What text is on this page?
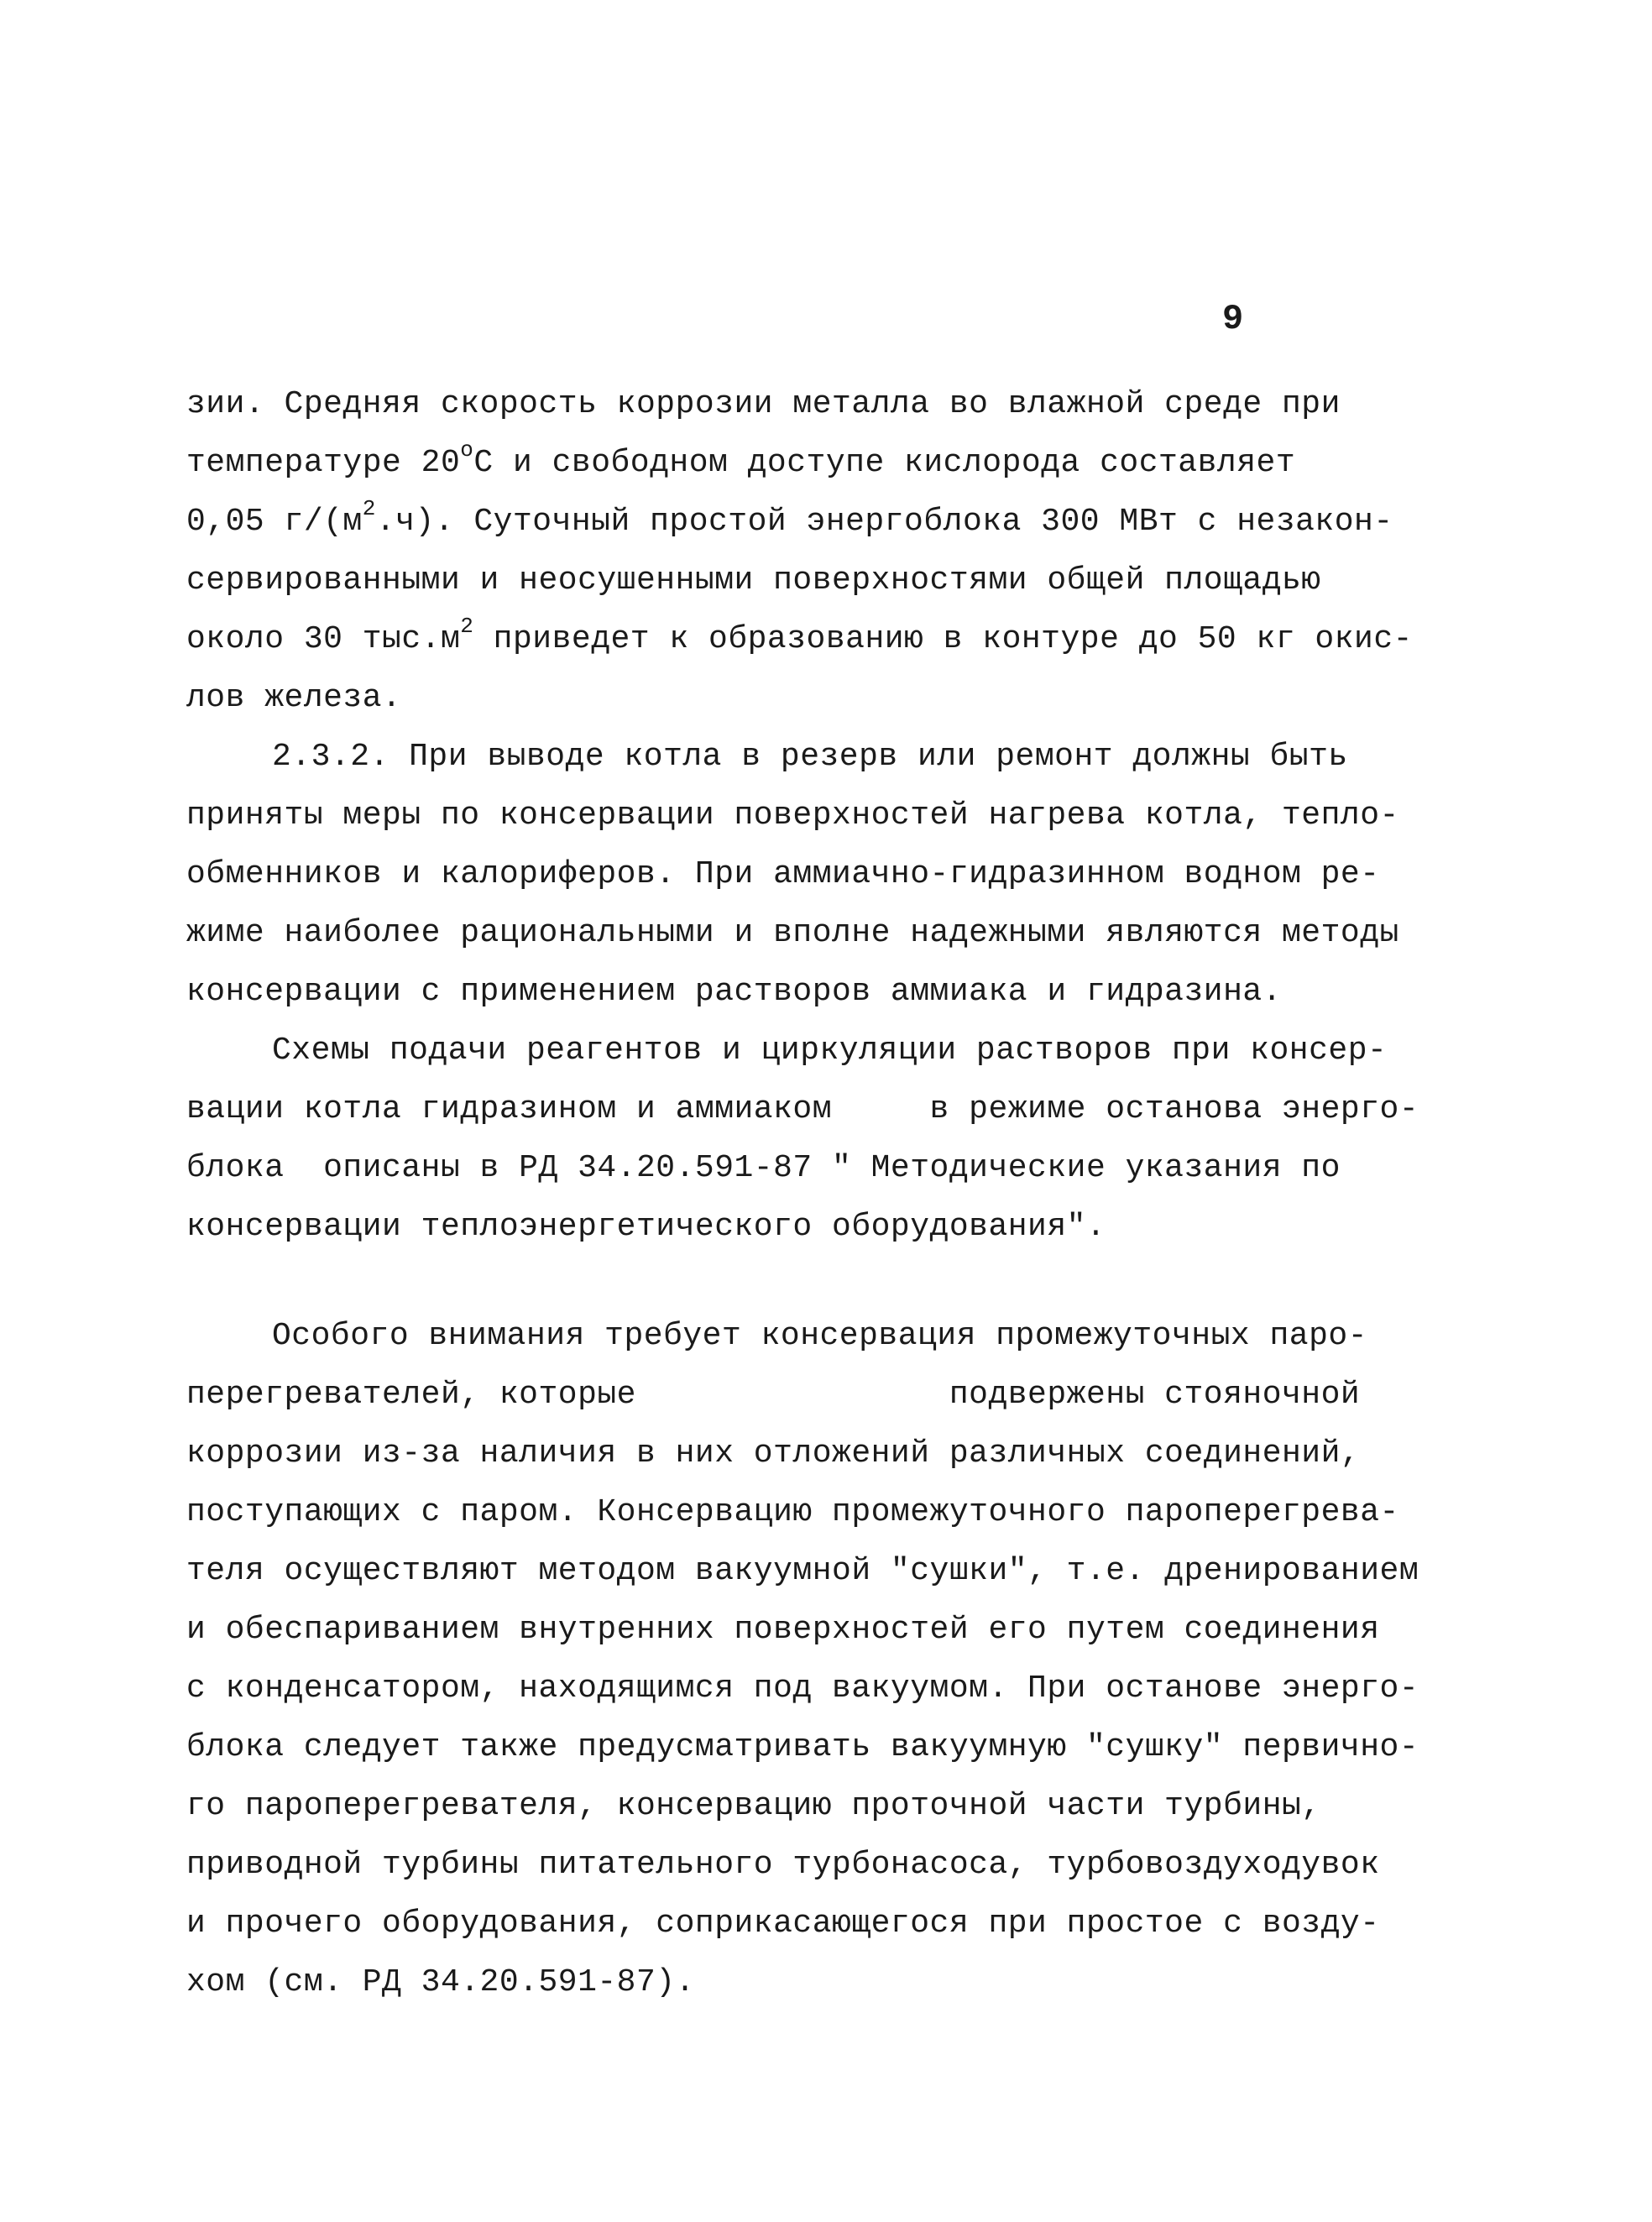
9
зии. Средняя скорость коррозии металла во влажной среде при
температуре $20^оС$ и свободном доступе кислорода составляет
0,05 $г/(м^2.ч)$. Суточный простой энергоблока 300 МВт с незакон-
сервированными и неосушенными поверхностями общей площадью
около 30 $тыс.м^2$ приведет к образованию в контуре до 50 кг окис-
лов железа.
2.3.2. При выводе котла в резерв или ремонт должны быть
приняты меры по консервации поверхностей нагрева котла, тепло-
обменников и калориферов. При аммиачно-гидразинном водном ре-
жиме наиболее рациональными и вполне надежными являются методы
консервации с применением растворов аммиака и гидразина.
Схемы подачи реагентов и циркуляции растворов при консер-
вации котла гидразином и аммиаком     в режиме останова энерго-
блока  описаны в РД 34.20.591-87 " Методические указания по
консервации теплоэнергетического оборудования".
Особого внимания требует консервация промежуточных паро-
перегревателей, которые                подвержены стояночной
коррозии из-за наличия в них отложений различных соединений,
поступающих с паром. Консервацию промежуточного пароперегрева-
теля осуществляют методом вакуумной "сушки", т.е. дренированием
и обеспариванием внутренних поверхностей его путем соединения
с конденсатором, находящимся под вакуумом. При останове энерго-
блока следует также предусматривать вакуумную "сушку" первично-
го пароперегревателя, консервацию проточной части турбины,
приводной турбины питательного турбонасоса, турбовоздуходувок
и прочего оборудования, соприкасающегося при простое с возду-
хом (см. РД 34.20.591-87).
